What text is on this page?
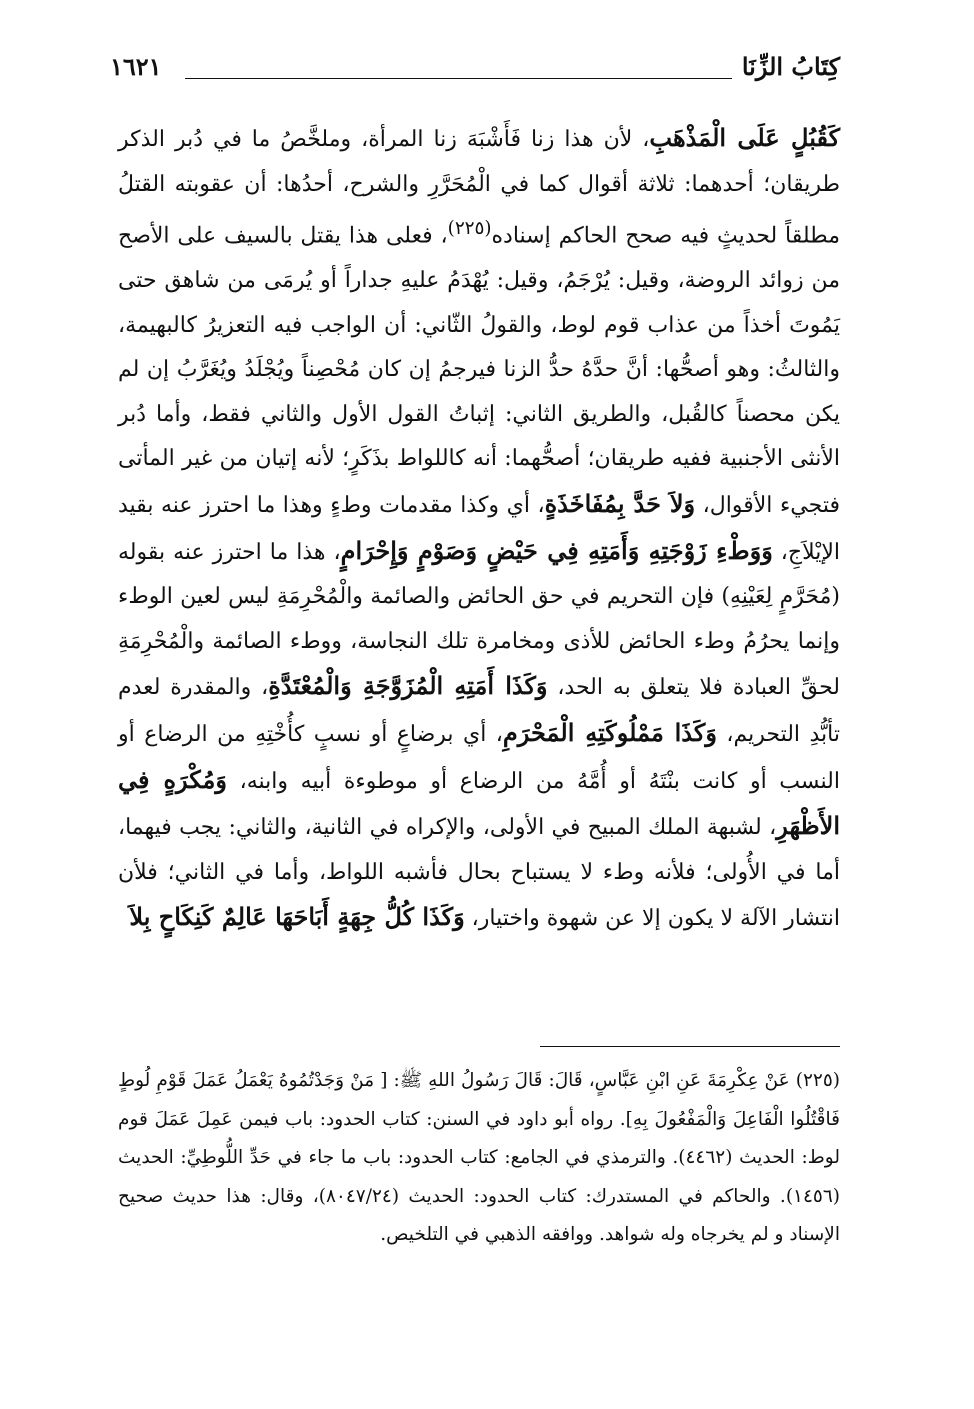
كِتَابُ الزِّنَا
١٦٢١

كَقُبُلٍ عَلَى الْمَذْهَبِ، لأن هذا زنا فَأَشْبَهَ زنا المرأة، وملخَّصُ ما في دُبر الذكر طريقان؛ أحدهما: ثلاثة أقوال كما في الْمُحَرَّرِ والشرح، أحدُها: أن عقوبته القتلُ مطلقاً لحديثٍ فيه صحح الحاكم إسناده$^{(٢٢٥)}$، فعلى هذا يقتل بالسيف على الأصح من زوائد الروضة، وقيل: يُرْجَمُ، وقيل: يُهْدَمُ عليهِ جداراً أو يُرمَى من شاهق حتى يَمُوتَ أخذاً من عذاب قوم لوط، والقولُ الثّاني: أن الواجب فيه التعزيرُ كالبهيمة، والثالثُ: وهو أصحُّها: أنَّ حدَّهُ حدُّ الزنا فيرجمُ إن كان مُحْصِناً ويُجْلَدُ ويُغَرَّبُ إن لم يكن محصناً كالقُبل، والطريق الثاني: إثباتُ القول الأول والثاني فقط، وأما دُبر الأنثى الأجنبية ففيه طريقان؛ أصحُّهما: أنه كاللواط بذَكَرٍ؛ لأنه إتيان من غير المأتى فتجيء الأقوال، وَلاَ حَدَّ بِمُفَاخَذَةٍ، أي وكذا مقدمات وطءٍ وهذا ما احترز عنه بقيد الإيْلاَجِ، وَوَطْءِ زَوْجَتِهِ وَأَمَتِهِ فِي حَيْضٍ وَصَوْمٍ وَإِحْرَامٍ، هذا ما احترز عنه بقوله (مُحَرَّمٍ لِعَيْنِهِ) فإن التحريم في حق الحائض والصائمة والْمُحْرِمَةِ ليس لعين الوطء وإنما يحرُمُ وطء الحائض للأذى ومخامرة تلك النجاسة، ووطء الصائمة والْمُحْرِمَةِ لحقِّ العبادة فلا يتعلق به الحد، وَكَذَا أَمَتِهِ الْمُزَوَّجَةِ وَالْمُعْتَدَّةِ، والمقدرة لعدم تأبُّدِ التحريم، وَكَذَا مَمْلُوكَتِهِ الْمَحْرَمِ، أي برضاعٍ أو نسبٍ كأُخْتِهِ من الرضاع أو النسب أو كانت بنْتَهُ أو أُمَّهُ من الرضاع أو موطوءة أبيه وابنه، وَمُكْرَهٍ فِي الأَظْهَرِ، لشبهة الملك المبيح في الأولى، والإكراه في الثانية، والثاني: يجب فيهما، أما في الأُولى؛ فلأنه وطء لا يستباح بحال فأشبه اللواط، وأما في الثاني؛ فلأن انتشار الآلة لا يكون إلا عن شهوة واختيار، وَكَذَا كُلُّ جِهَةٍ أَبَاحَهَا عَالِمٌ كَنِكَاحٍ بِلاَ

(٢٢٥) عَنْ عِكْرِمَةَ عَنِ ابْنِ عَبَّاسٍ، قَالَ: قَالَ رَسُولُ اللهِ ﷺ: [ مَنْ وَجَدْتُمُوهُ يَعْمَلُ عَمَلَ قَوْمِ لُوطٍ فَاقْتُلُوا الْفَاعِلَ وَالْمَفْعُولَ بِهِ]. رواه أبو داود في السنن: كتاب الحدود: باب فيمن عَمِلَ عَمَلَ قوم لوط: الحديث (٤٤٦٢). والترمذي في الجامع: كتاب الحدود: باب ما جاء في حَدِّ اللُّوطِيِّ: الحديث (١٤٥٦). والحاكم في المستدرك: كتاب الحدود: الحديث (٨٠٤٧/٢٤)، وقال: هذا حديث صحيح الإسناد و لم يخرجاه وله شواهد. ووافقه الذهبي في التلخيص.
